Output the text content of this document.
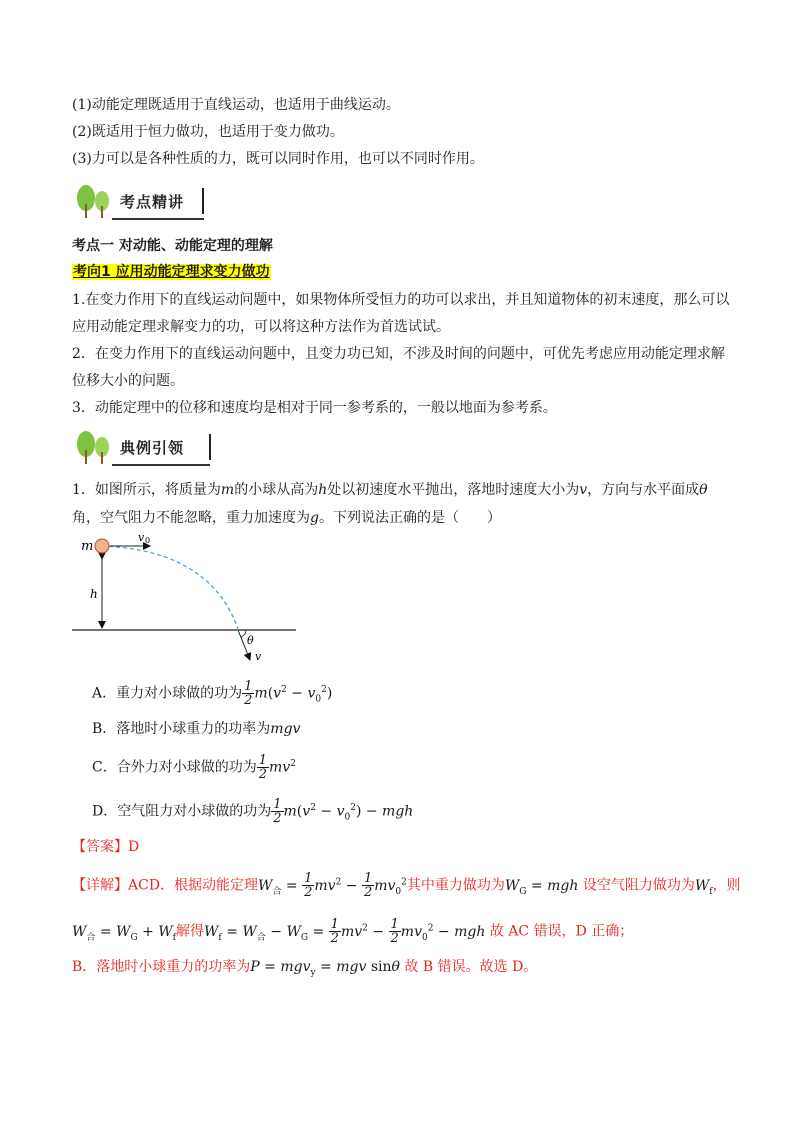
(1)动能定理既适用于直线运动，也适用于曲线运动。
(2)既适用于恒力做功，也适用于变力做功。
(3)力可以是各种性质的力，既可以同时作用，也可以不同时作用。
考点精讲
考点一 对动能、动能定理的理解
考向1 应用动能定理求变力做功
1.在变力作用下的直线运动问题中，如果物体所受恒力的功可以求出，并且知道物体的初末速度，那么可以
应用动能定理求解变力的功，可以将这种方法作为首选试试。
2．在变力作用下的直线运动问题中，且变力功已知，不涉及时间的问题中，可优先考虑应用动能定理求解
位移大小的问题。
3．动能定理中的位移和速度均是相对于同一参考系的，一般以地面为参考系。
典例引领
1．如图所示，将质量为m的小球从高为h处以初速度水平抛出，落地时速度大小为v，方向与水平面成θ
角，空气阻力不能忽略，重力加速度为g。下列说法正确的是（　　）
m
v 0
h
θ
v
A．重力对小球做的功为 $\frac{1}{2} m(v^2 - v_0^2)$
B．落地时小球重力的功率为mgv
C．合外力对小球做的功为 $\frac{1}{2} mv^2$
D．空气阻力对小球做的功为 $\frac{1}{2} m(v^2 - v_0^2)$ − mgh
【答案】D
【详解】ACD．根据动能定理$W_合 = \frac{1}{2} mv^2 - \frac{1}{2} mv_0^2$其中重力做功为$W_G$ = mgh 设空气阻力做功为$W_f$，则
$W_合 = W_G + W_f$解得$W_f = W_合 - W_G = \frac{1}{2} mv^2 - \frac{1}{2} mv_0^2$ − mgh 故 AC 错误，D 正确；
B．落地时小球重力的功率为P = mgv$_y$ = mgv sinθ 故 B 错误。故选 D。
